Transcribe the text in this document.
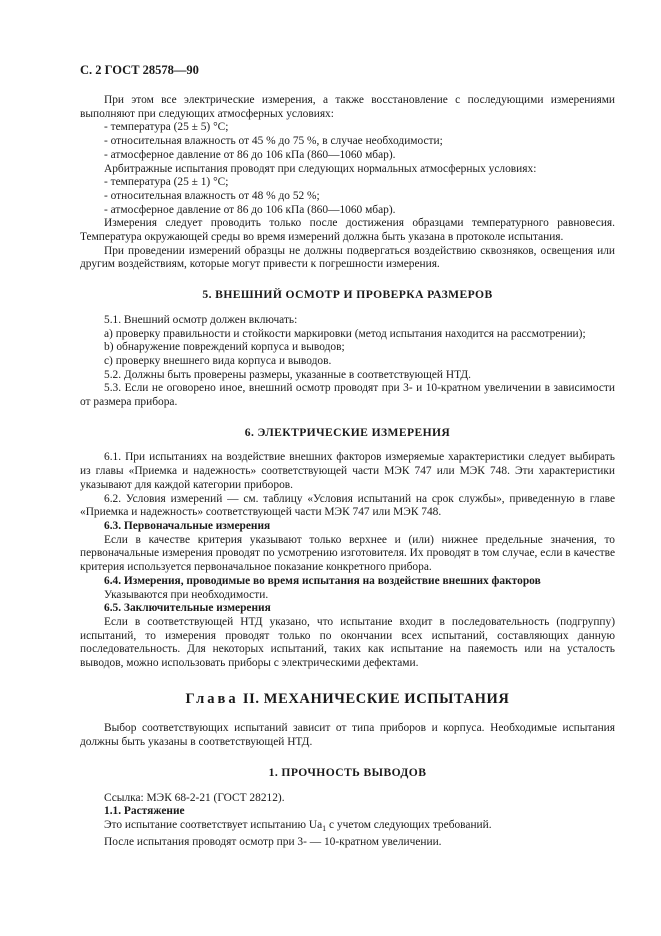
С. 2 ГОСТ 28578—90

При этом все электрические измерения, а также восстановление с последующими измерениями выполняют при следующих атмосферных условиях:

- температура (25 ± 5) °С;

- относительная влажность от 45 % до 75 %, в случае необходимости;

- атмосферное давление от 86 до 106 кПа (860—1060 мбар).

Арбитражные испытания проводят при следующих нормальных атмосферных условиях:

- температура (25 ± 1) °С;

- относительная влажность от 48 % до 52 %;

- атмосферное давление от 86 до 106 кПа (860—1060 мбар).

Измерения следует проводить только после достижения образцами температурного равновесия. Температура окружающей среды во время измерений должна быть указана в протоколе испытания.

При проведении измерений образцы не должны подвергаться воздействию сквозняков, освещения или другим воздействиям, которые могут привести к погрешности измерения.

5. ВНЕШНИЙ ОСМОТР И ПРОВЕРКА РАЗМЕРОВ

5.1. Внешний осмотр должен включать:

а) проверку правильности и стойкости маркировки (метод испытания находится на рассмотрении);

b) обнаружение повреждений корпуса и выводов;

с) проверку внешнего вида корпуса и выводов.

5.2. Должны быть проверены размеры, указанные в соответствующей НТД.

5.3. Если не оговорено иное, внешний осмотр проводят при 3- и 10-кратном увеличении в зависимости от размера прибора.

6. ЭЛЕКТРИЧЕСКИЕ ИЗМЕРЕНИЯ

6.1. При испытаниях на воздействие внешних факторов измеряемые характеристики следует выбирать из главы «Приемка и надежность» соответствующей части МЭК 747 или МЭК 748. Эти характеристики указывают для каждой категории приборов.

6.2. Условия измерений — см. таблицу «Условия испытаний на срок службы», приведенную в главе «Приемка и надежность» соответствующей части МЭК 747 или МЭК 748.

6.3. Первоначальные измерения

Если в качестве критерия указывают только верхнее и (или) нижнее предельные значения, то первоначальные измерения проводят по усмотрению изготовителя. Их проводят в том случае, если в качестве критерия используется первоначальное показание конкретного прибора.

6.4. Измерения, проводимые во время испытания на воздействие внешних факторов

Указываются при необходимости.

6.5. Заключительные измерения

Если в соответствующей НТД указано, что испытание входит в последовательность (подгруппу) испытаний, то измерения проводят только по окончании всех испытаний, составляющих данную последовательность. Для некоторых испытаний, таких как испытание на паяемость или на усталость выводов, можно использовать приборы с электрическими дефектами.

Глава II. МЕХАНИЧЕСКИЕ ИСПЫТАНИЯ

Выбор соответствующих испытаний зависит от типа приборов и корпуса. Необходимые испытания должны быть указаны в соответствующей НТД.

1. ПРОЧНОСТЬ ВЫВОДОВ

Ссылка: МЭК 68-2-21 (ГОСТ 28212).

1.1. Растяжение

Это испытание соответствует испытанию $Ua_1$ с учетом следующих требований.

После испытания проводят осмотр при 3- — 10-кратном увеличении.
